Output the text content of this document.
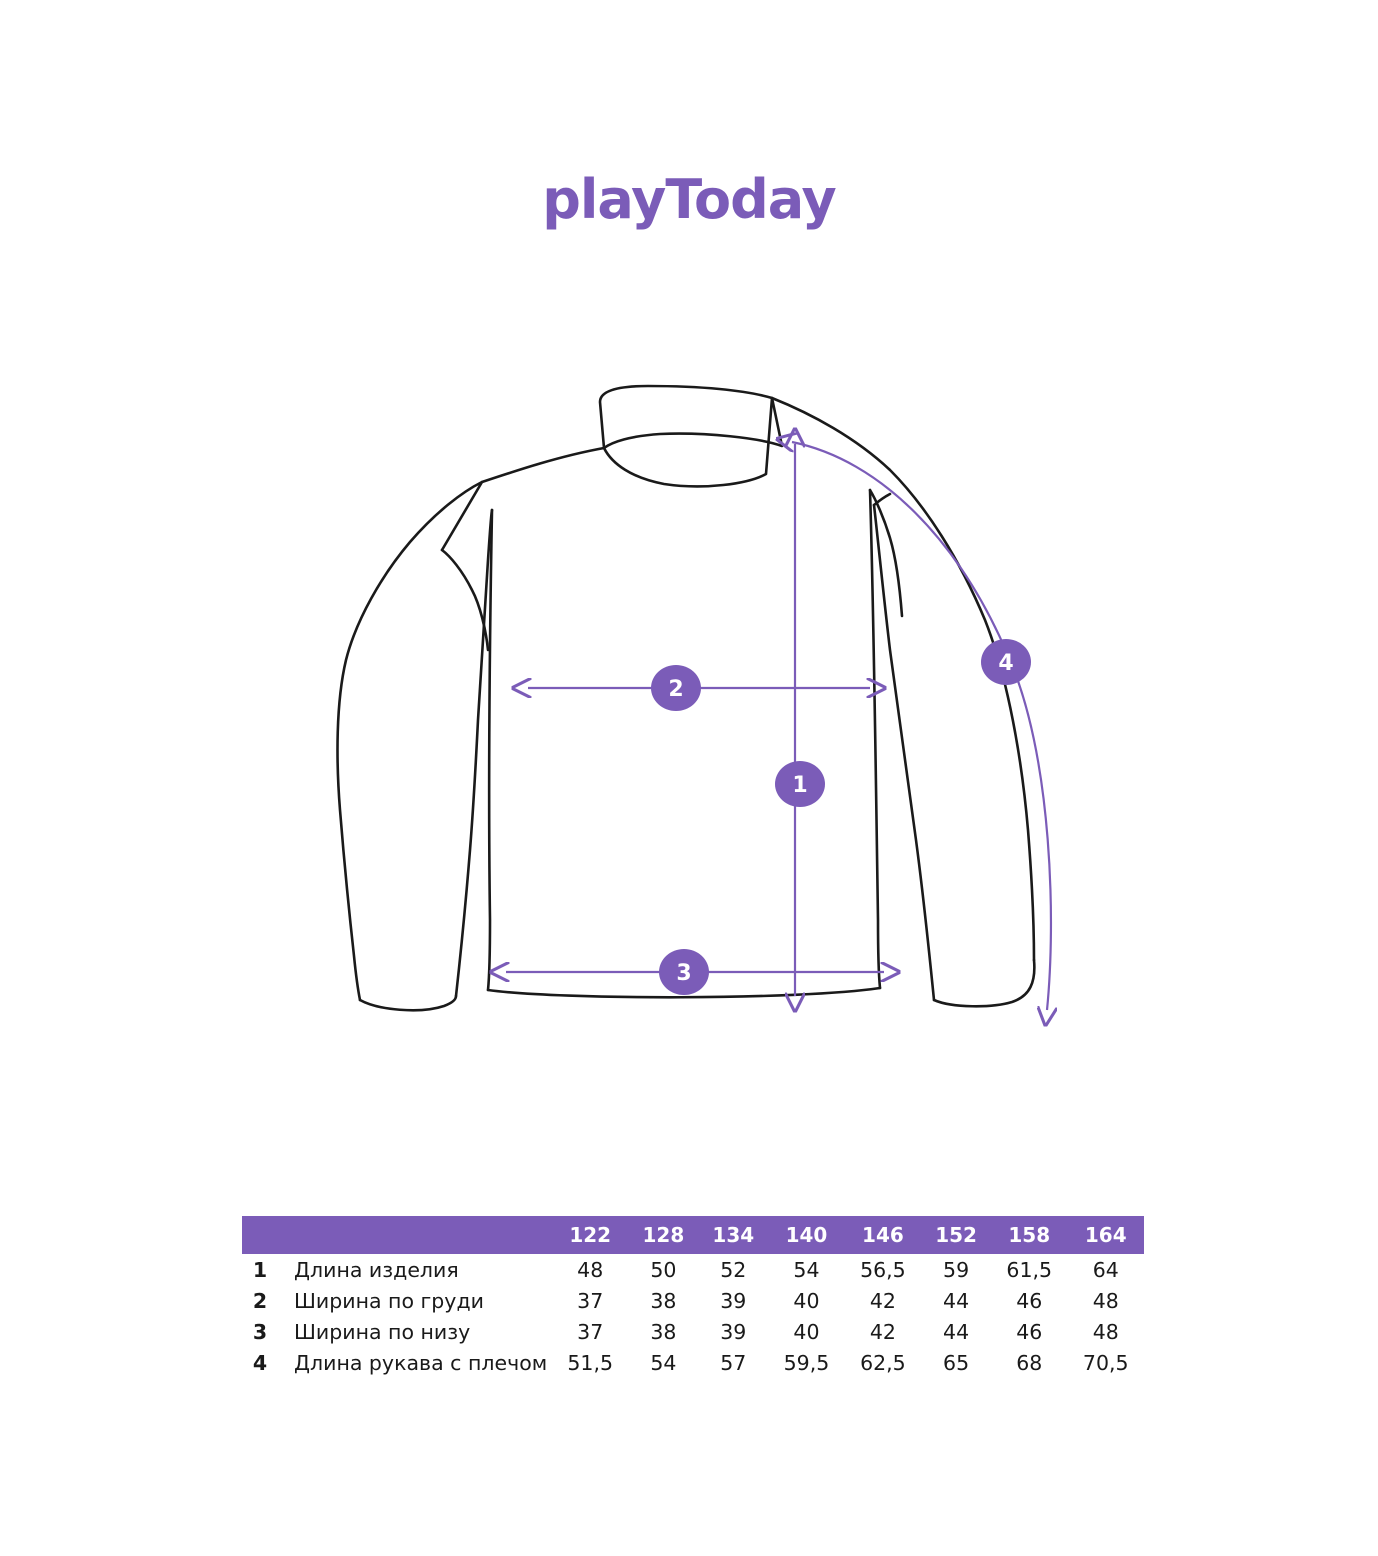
playToday
2
3
1
4
		122	128	134	140	146	152	158	164
1	Длина изделия	48	50	52	54	56,5	59	61,5	64
2	Ширина по груди	37	38	39	40	42	44	46	48
3	Ширина по низу	37	38	39	40	42	44	46	48
4	Длина рукава с плечом	51,5	54	57	59,5	62,5	65	68	70,5
